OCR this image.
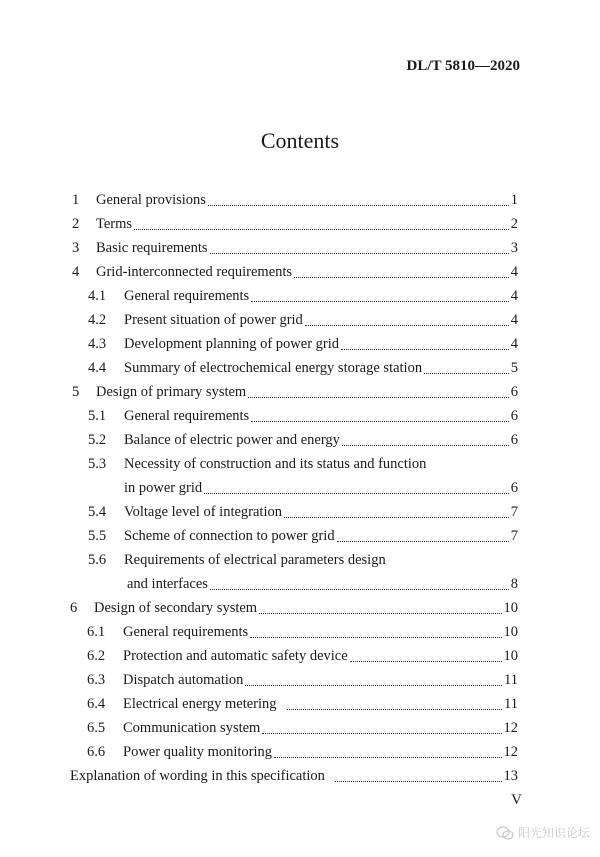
DL/T 5810—2020
Contents
1	General provisions	1
2	Terms	2
3	Basic requirements	3
4	Grid-interconnected requirements	4
4.1	General requirements	4
4.2	Present situation of power grid	4
4.3	Development planning of power grid	4
4.4	Summary of electrochemical energy storage station	5
5	Design of primary system	6
5.1	General requirements	6
5.2	Balance of electric power and energy	6
5.3	Necessity of construction and its status and function
in power grid	6
5.4	Voltage level of integration	7
5.5	Scheme of connection to power grid	7
5.6	Requirements of electrical parameters design
and interfaces	8
6	Design of secondary system	10
6.1	General requirements	10
6.2	Protection and automatic safety device	10
6.3	Dispatch automation	11
6.4	Electrical energy metering	11
6.5	Communication system	12
6.6	Power quality monitoring	12
Explanation of wording in this specification	13
V
阳光知识论坛
